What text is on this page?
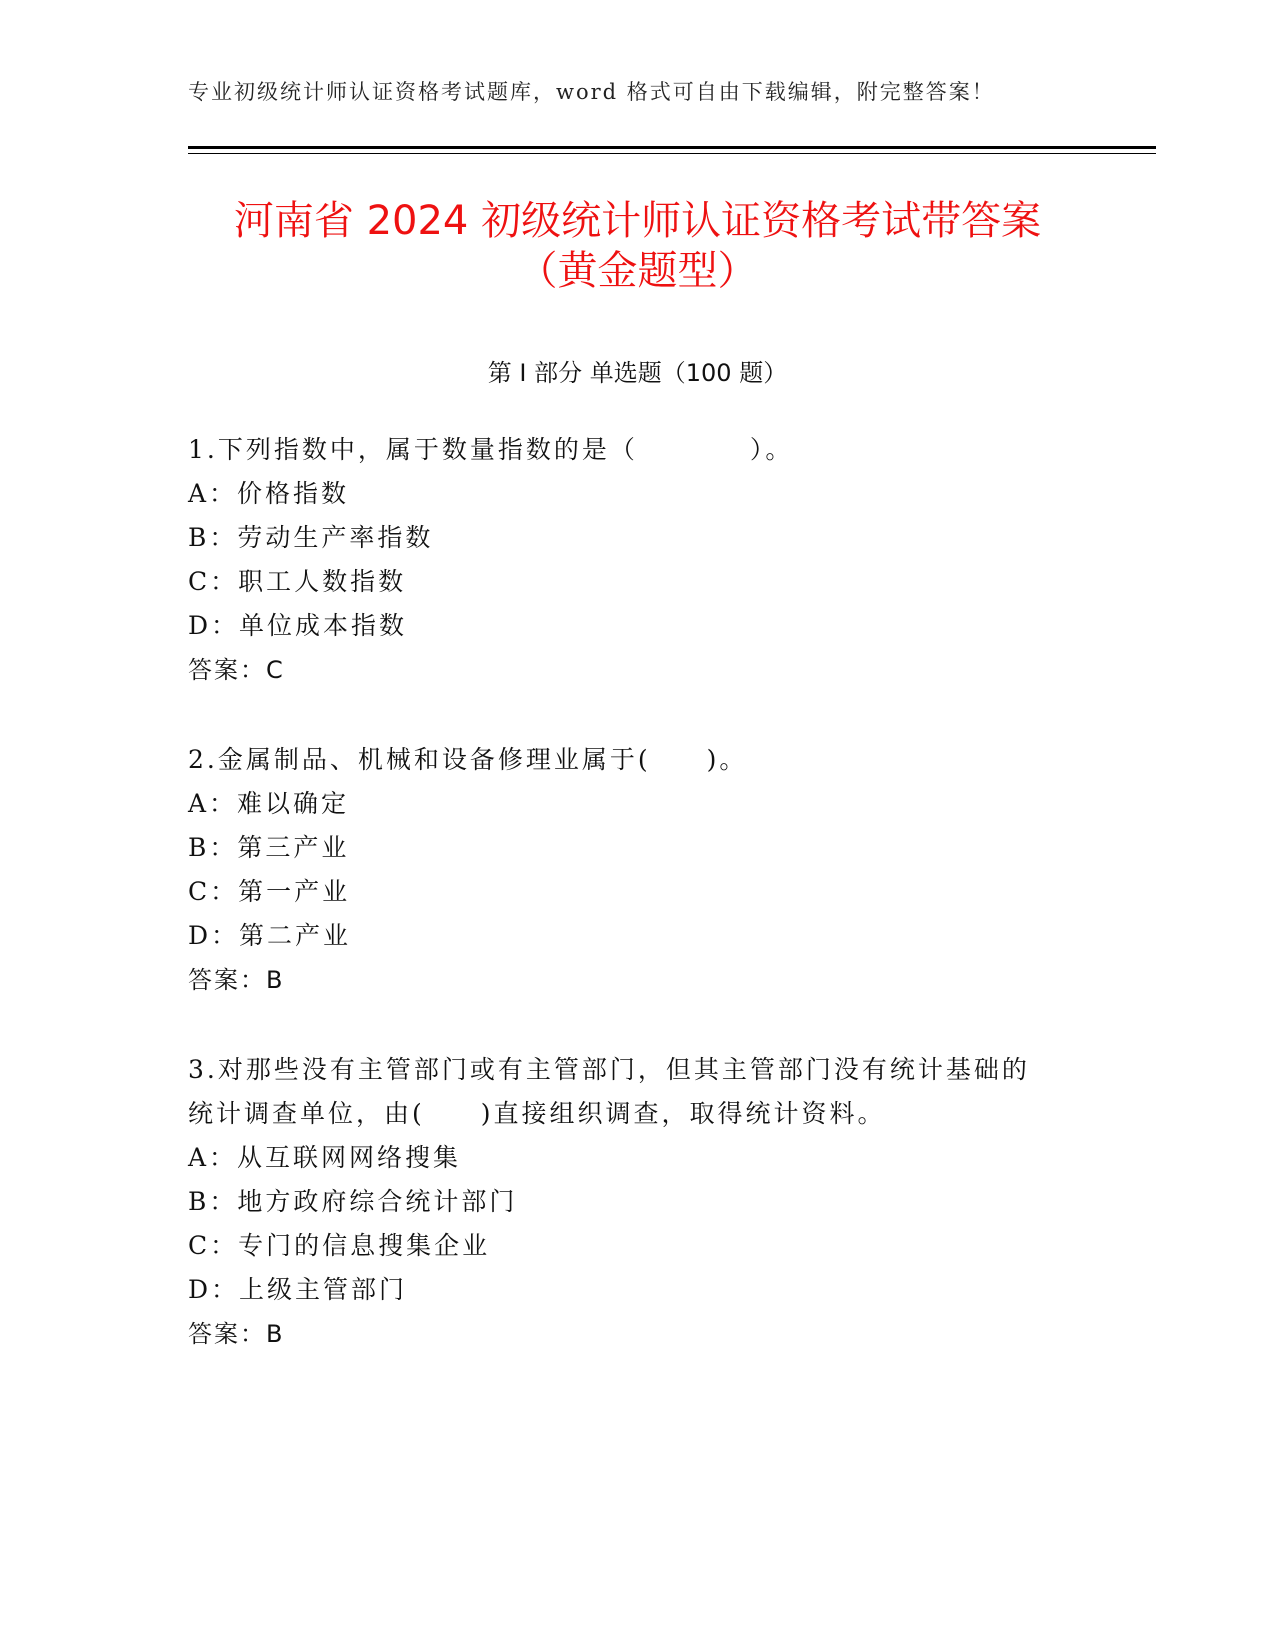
专业初级统计师认证资格考试题库，word 格式可自由下载编辑，附完整答案！
河南省 2024 初级统计师认证资格考试带答案
（黄金题型）
第 I 部分 单选题（100 题）
1.下列指数中，属于数量指数的是（　　　　）。
A：价格指数
B：劳动生产率指数
C：职工人数指数
D：单位成本指数
答案：C
2.金属制品、机械和设备修理业属于(　　)。
A：难以确定
B：第三产业
C：第一产业
D：第二产业
答案：B
3.对那些没有主管部门或有主管部门，但其主管部门没有统计基础的
统计调查单位，由(　　)直接组织调查，取得统计资料。
A：从互联网网络搜集
B：地方政府综合统计部门
C：专门的信息搜集企业
D：上级主管部门
答案：B
